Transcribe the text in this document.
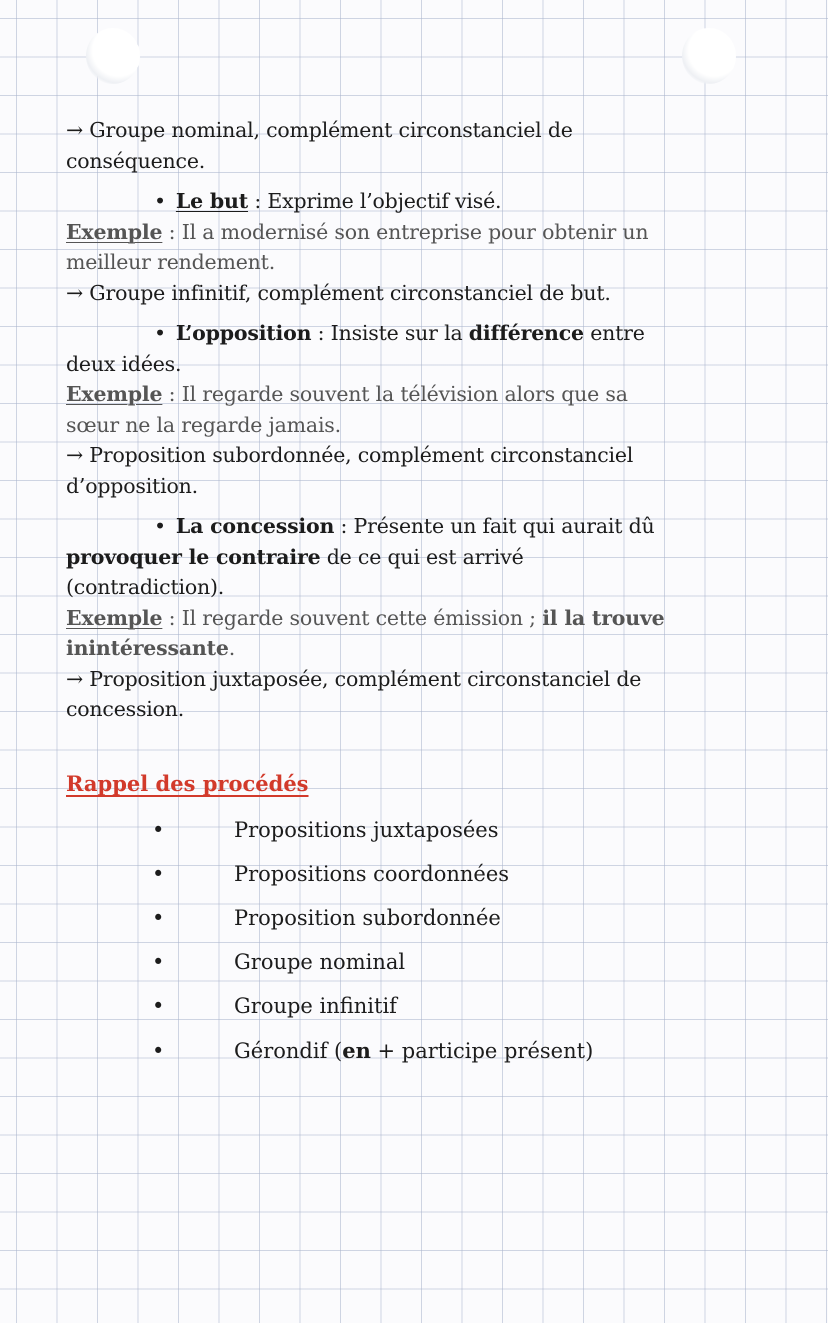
→ Groupe nominal, complément circonstanciel de
conséquence.
• Le but : Exprime l’objectif visé.
Exemple : Il a modernisé son entreprise pour obtenir un
meilleur rendement.
→ Groupe infinitif, complément circonstanciel de but.
• L’opposition : Insiste sur la différence entre
deux idées.
Exemple : Il regarde souvent la télévision alors que sa
sœur ne la regarde jamais.
→ Proposition subordonnée, complément circonstanciel
d’opposition.
• La concession : Présente un fait qui aurait dû
provoquer le contraire de ce qui est arrivé
(contradiction).
Exemple : Il regarde souvent cette émission ; il la trouve
inintéressante.
→ Proposition juxtaposée, complément circonstanciel de
concession.
Rappel des procédés
•	Propositions juxtaposées
•	Propositions coordonnées
•	Proposition subordonnée
•	Groupe nominal
•	Groupe infinitif
•	Gérondif (en + participe présent)
